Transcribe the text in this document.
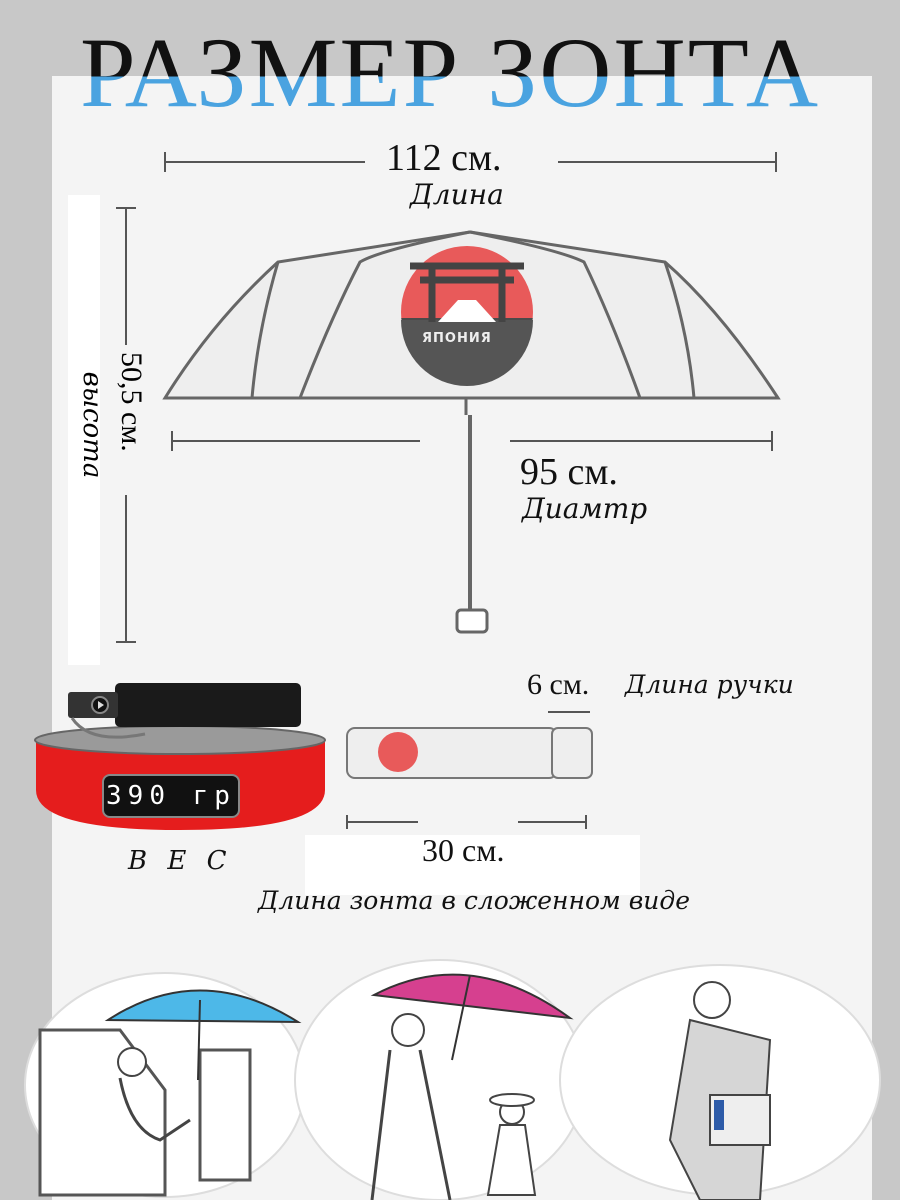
РАЗМЕР ЗОНТА
112 см.
Длина
50,5 см.
высота	95 см.
Диамтр
6 см. Длина ручки
390 гр
В Е С	30 см.
Длина зонта в сложенном виде
ЯПОНИЯ
